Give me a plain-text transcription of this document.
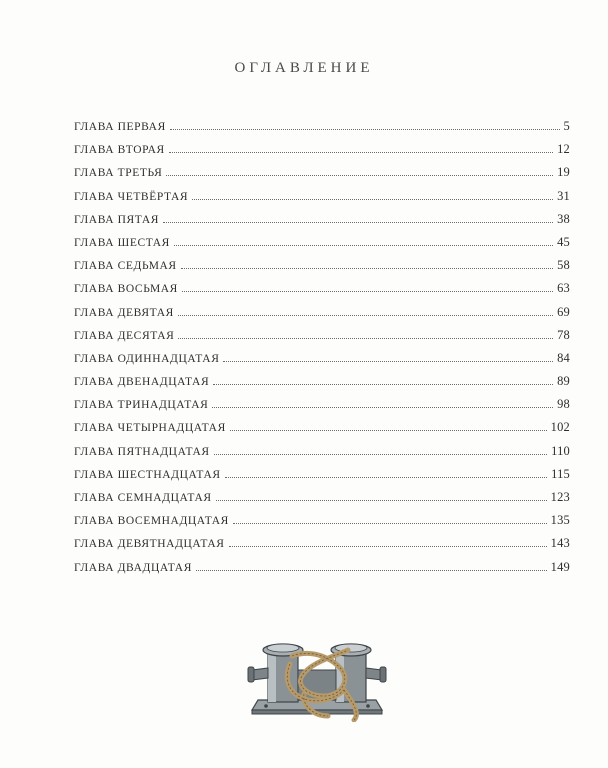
ОГЛАВЛЕНИЕ
ГЛАВА ПЕРВАЯ	5
ГЛАВА ВТОРАЯ	12
ГЛАВА ТРЕТЬЯ	19
ГЛАВА ЧЕТВЁРТАЯ	31
ГЛАВА ПЯТАЯ	38
ГЛАВА ШЕСТАЯ	45
ГЛАВА СЕДЬМАЯ	58
ГЛАВА ВОСЬМАЯ	63
ГЛАВА ДЕВЯТАЯ	69
ГЛАВА ДЕСЯТАЯ	78
ГЛАВА ОДИННАДЦАТАЯ	84
ГЛАВА ДВЕНАДЦАТАЯ	89
ГЛАВА ТРИНАДЦАТАЯ	98
ГЛАВА ЧЕТЫРНАДЦАТАЯ	102
ГЛАВА ПЯТНАДЦАТАЯ	110
ГЛАВА ШЕСТНАДЦАТАЯ	115
ГЛАВА СЕМНАДЦАТАЯ	123
ГЛАВА ВОСЕМНАДЦАТАЯ	135
ГЛАВА ДЕВЯТНАДЦАТАЯ	143
ГЛАВА ДВАДЦАТАЯ	149
